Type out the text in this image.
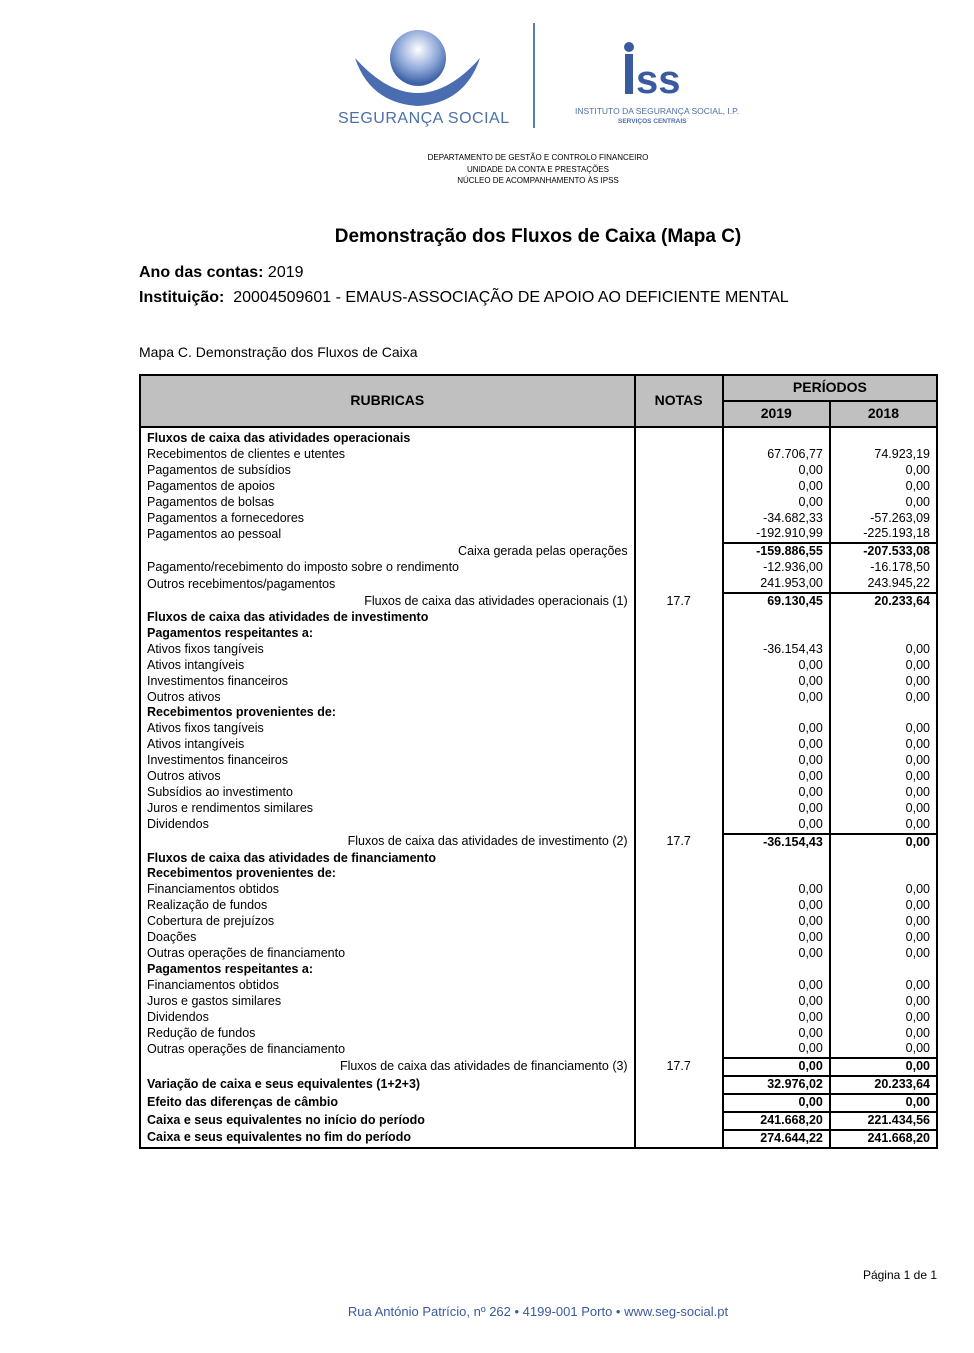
SEGURANÇA SOCIAL
ss
INSTITUTO DA SEGURANÇA SOCIAL, I.P.
SERVIÇOS CENTRAIS
DEPARTAMENTO DE GESTÃO E CONTROLO FINANCEIRO
UNIDADE DA CONTA E PRESTAÇÕES
NÚCLEO DE ACOMPANHAMENTO ÀS IPSS
Demonstração dos Fluxos de Caixa (Mapa C)
Ano das contas: 2019
Instituição: 20004509601 - EMAUS-ASSOCIAÇÃO DE APOIO AO DEFICIENTE MENTAL
Mapa C. Demonstração dos Fluxos de Caixa
RUBRICAS	NOTAS	PERÍODOS	
		2019	2018
Fluxos de caixa das atividades operacionais			
Recebimentos de clientes e utentes		67.706,77	74.923,19
Pagamentos de subsídios		0,00	0,00
Pagamentos de apoios		0,00	0,00
Pagamentos de bolsas		0,00	0,00
Pagamentos a fornecedores		-34.682,33	-57.263,09
Pagamentos ao pessoal		-192.910,99	-225.193,18
Caixa gerada pelas operações		-159.886,55	-207.533,08
Pagamento/recebimento do imposto sobre o rendimento		-12.936,00	-16.178,50
Outros recebimentos/pagamentos		241.953,00	243.945,22
Fluxos de caixa das atividades operacionais (1)	17.7	69.130,45	20.233,64
Fluxos de caixa das atividades de investimento			
Pagamentos respeitantes a:			
Ativos fixos tangíveis		-36.154,43	0,00
Ativos intangíveis		0,00	0,00
Investimentos financeiros		0,00	0,00
Outros ativos		0,00	0,00
Recebimentos provenientes de:			
Ativos fixos tangíveis		0,00	0,00
Ativos intangíveis		0,00	0,00
Investimentos financeiros		0,00	0,00
Outros ativos		0,00	0,00
Subsídios ao investimento		0,00	0,00
Juros e rendimentos similares		0,00	0,00
Dividendos		0,00	0,00
Fluxos de caixa das atividades de investimento (2)	17.7	-36.154,43	0,00
Fluxos de caixa das atividades de financiamento			
Recebimentos provenientes de:			
Financiamentos obtidos		0,00	0,00
Realização de fundos		0,00	0,00
Cobertura de prejuízos		0,00	0,00
Doações		0,00	0,00
Outras operações de financiamento		0,00	0,00
Pagamentos respeitantes a:			
Financiamentos obtidos		0,00	0,00
Juros e gastos similares		0,00	0,00
Dividendos		0,00	0,00
Redução de fundos		0,00	0,00
Outras operações de financiamento		0,00	0,00
Fluxos de caixa das atividades de financiamento (3)	17.7	0,00	0,00
Variação de caixa e seus equivalentes (1+2+3)		32.976,02	20.233,64
Efeito das diferenças de câmbio		0,00	0,00
Caixa e seus equivalentes no início do período		241.668,20	221.434,56
Caixa e seus equivalentes no fim do período		274.644,22	241.668,20
Página 1 de 1
Rua António Patrício, nº 262 • 4199-001 Porto • www.seg-social.pt
